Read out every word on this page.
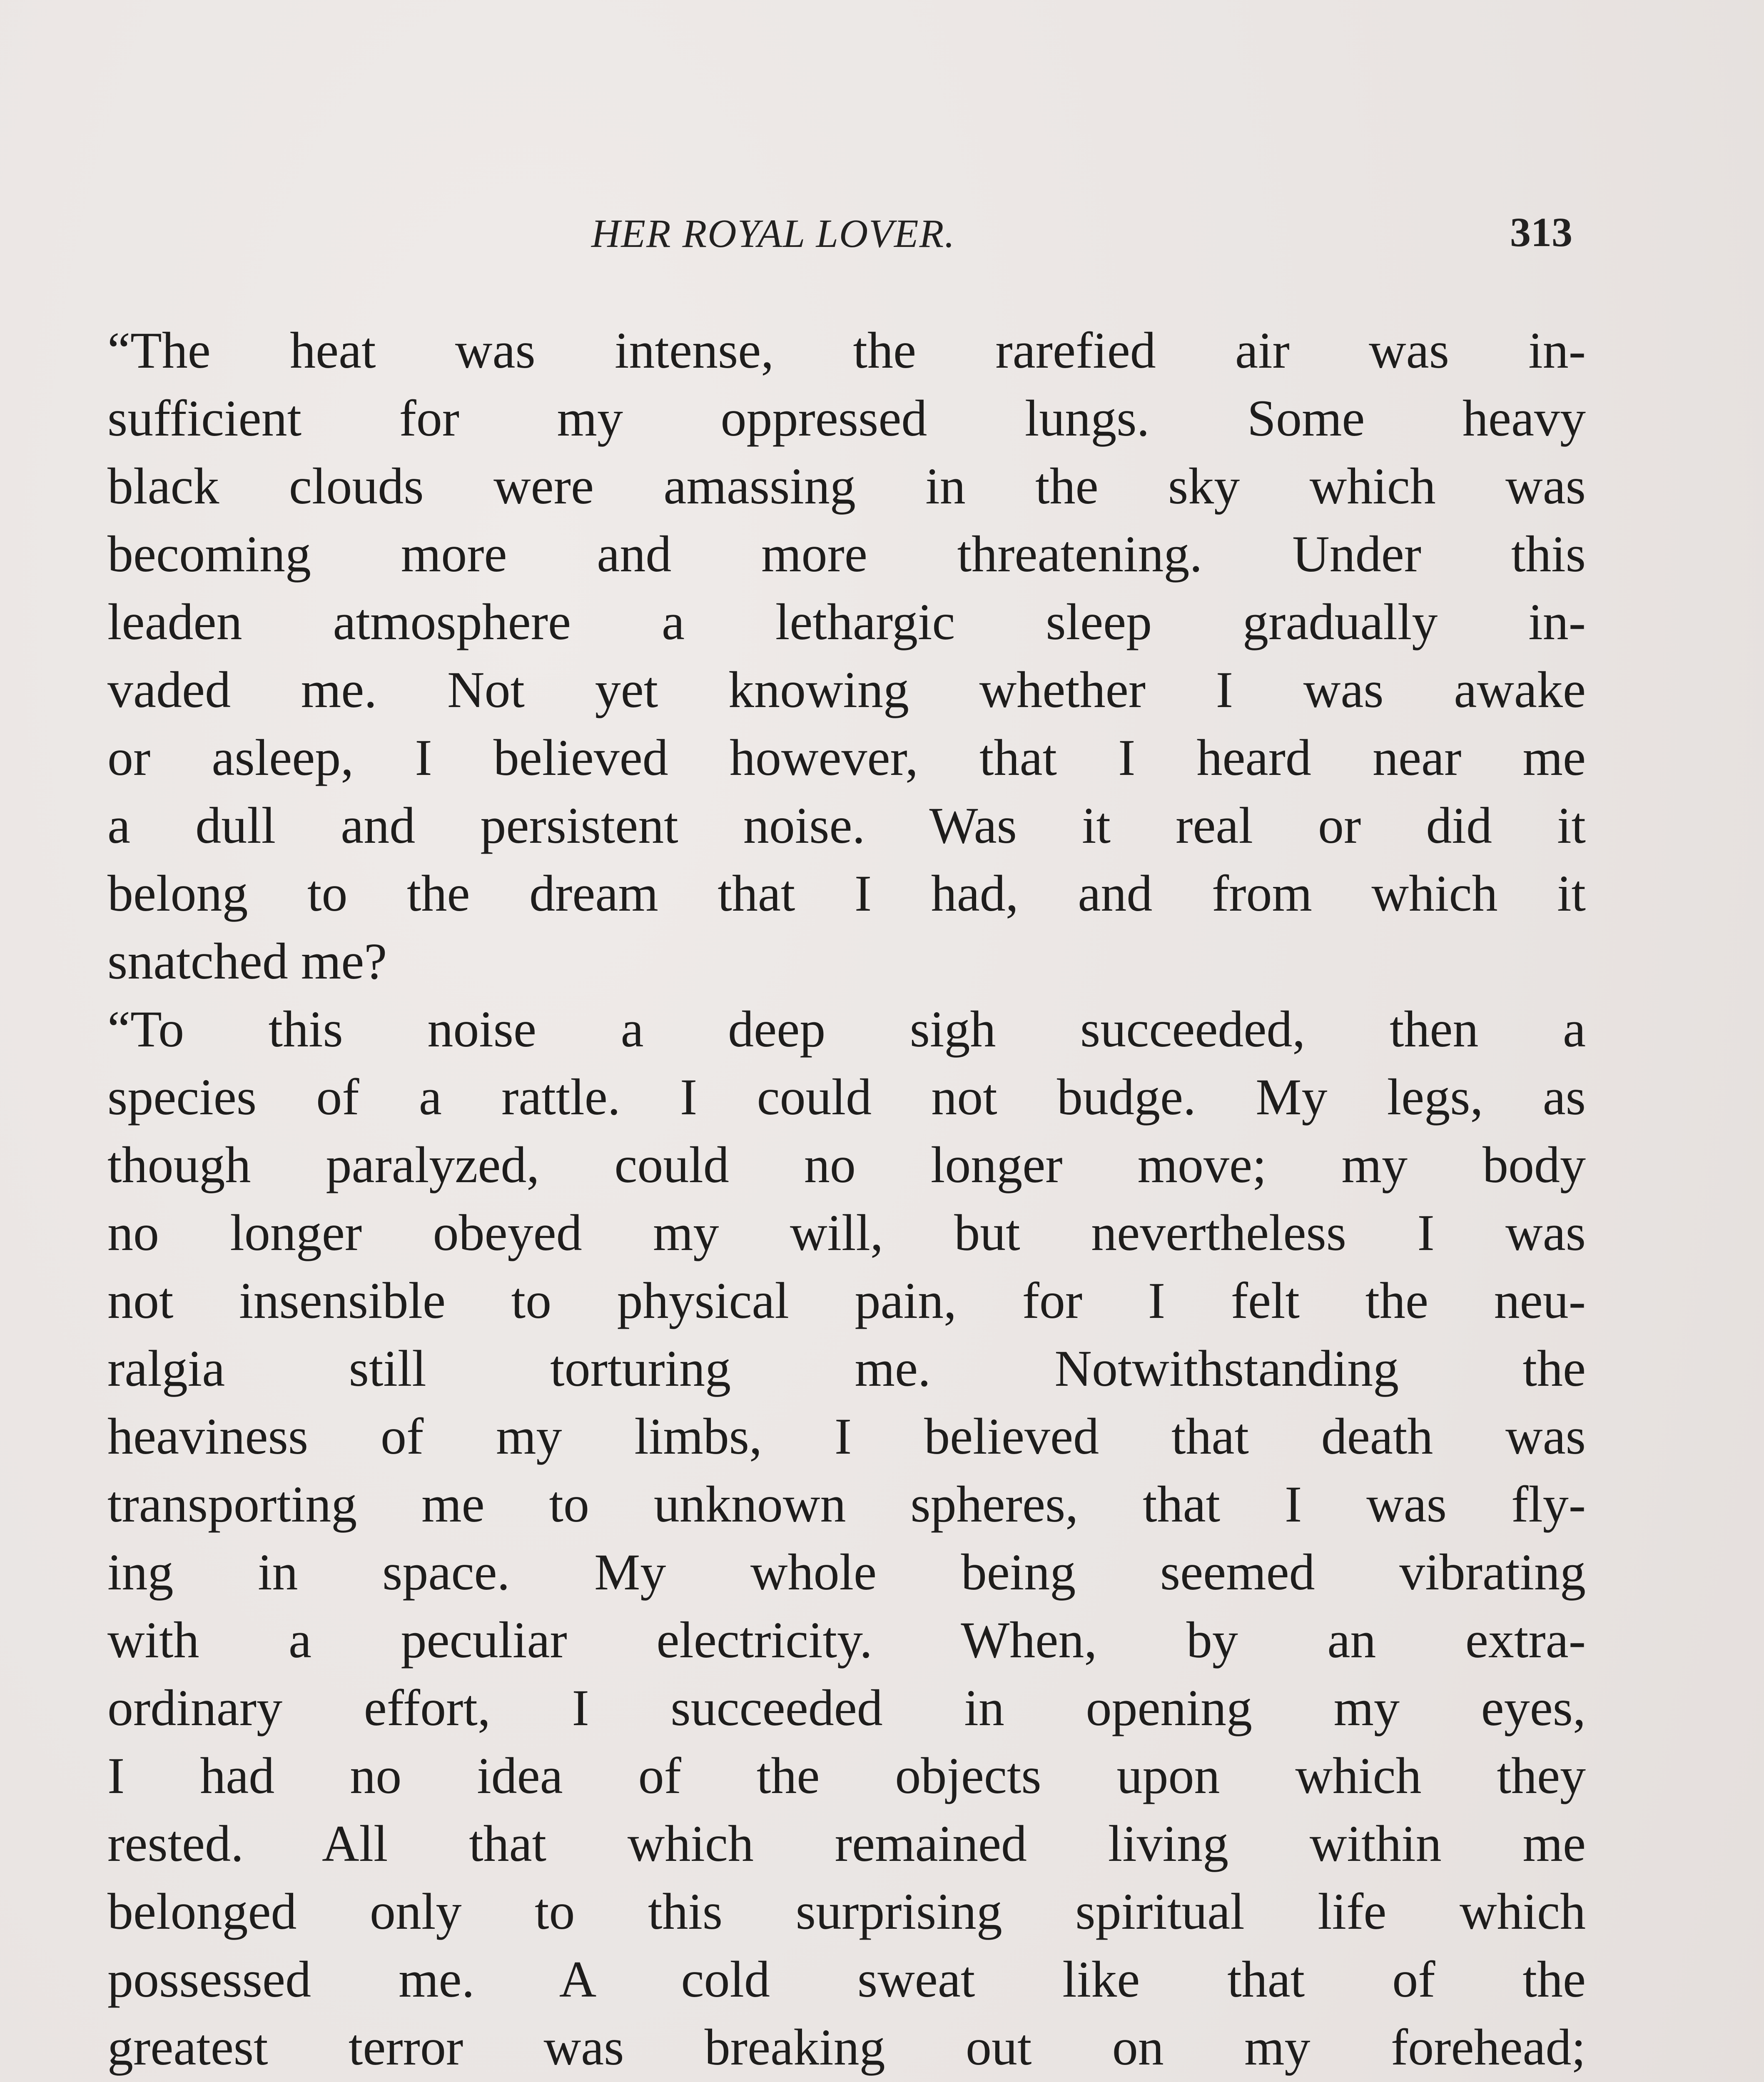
HER ROYAL LOVER.	313
“The heat was intense, the rarefied air was in-
sufficient for my oppressed lungs. Some heavy
black clouds were amassing in the sky which was
becoming more and more threatening. Under this
leaden atmosphere a lethargic sleep gradually in-
vaded me. Not yet knowing whether I was awake
or asleep, I believed however, that I heard near me
a dull and persistent noise. Was it real or did it
belong to the dream that I had, and from which it
snatched me?
“To this noise a deep sigh succeeded, then a
species of a rattle. I could not budge. My legs, as
though paralyzed, could no longer move; my body
no longer obeyed my will, but nevertheless I was
not insensible to physical pain, for I felt the neu-
ralgia still torturing me. Notwithstanding the
heaviness of my limbs, I believed that death was
transporting me to unknown spheres, that I was fly-
ing in space. My whole being seemed vibrating
with a peculiar electricity. When, by an extra-
ordinary effort, I succeeded in opening my eyes,
I had no idea of the objects upon which they
rested. All that which remained living within me
belonged only to this surprising spiritual life which
possessed me. A cold sweat like that of the
greatest terror was breaking out on my forehead;
